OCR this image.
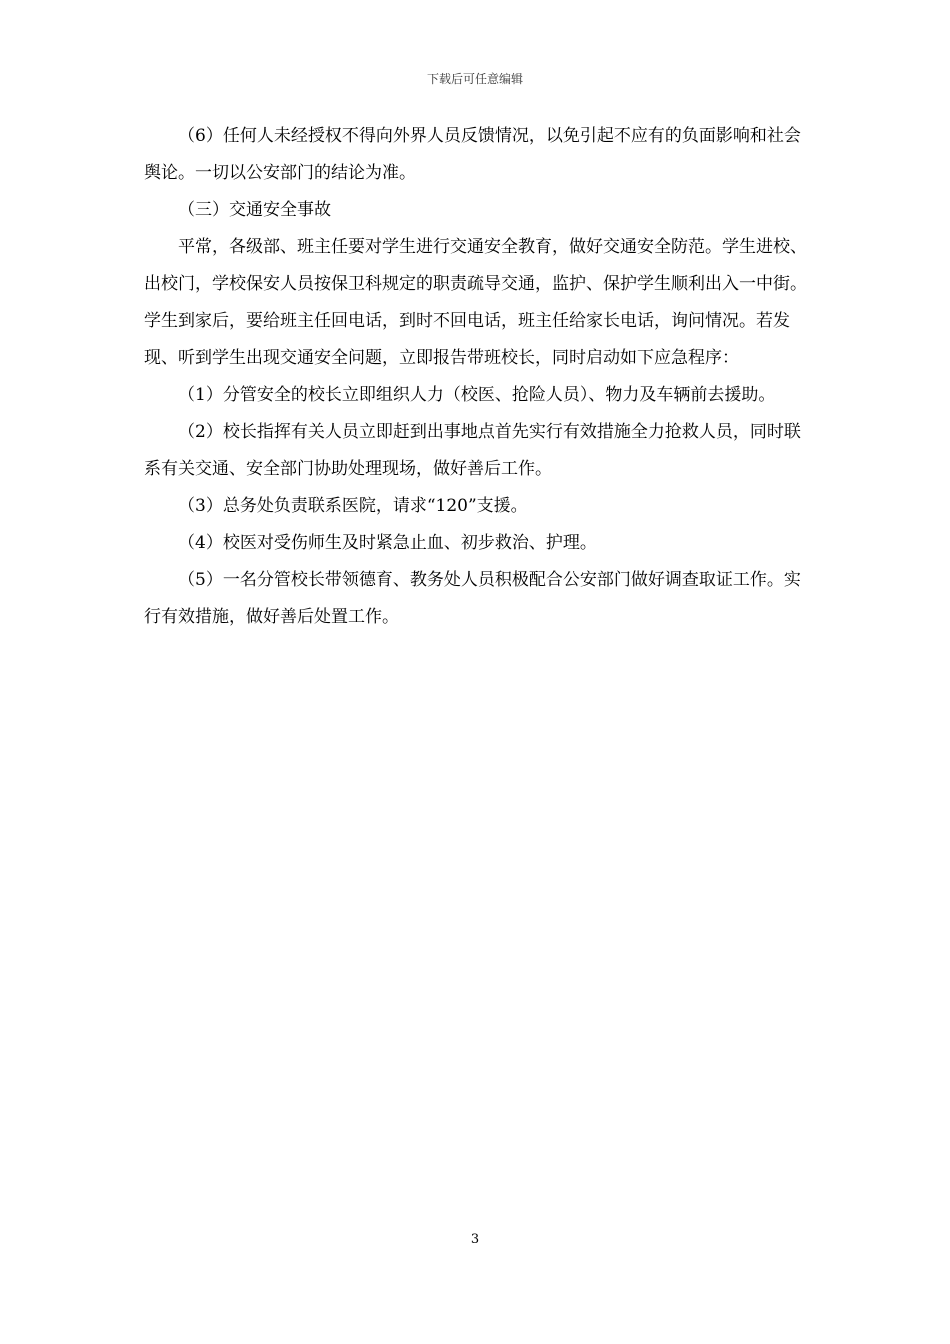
下载后可任意编辑

（6）任何人未经授权不得向外界人员反馈情况，以免引起不应有的负面影响和社会舆论。一切以公安部门的结论为准。

（三）交通安全事故

平常，各级部、班主任要对学生进行交通安全教育，做好交通安全防范。学生进校、出校门，学校保安人员按保卫科规定的职责疏导交通，监护、保护学生顺利出入一中街。学生到家后，要给班主任回电话，到时不回电话，班主任给家长电话，询问情况。若发现、听到学生出现交通安全问题，立即报告带班校长，同时启动如下应急程序：

（1）分管安全的校长立即组织人力（校医、抢险人员）、物力及车辆前去援助。

（2）校长指挥有关人员立即赶到出事地点首先实行有效措施全力抢救人员，同时联系有关交通、安全部门协助处理现场，做好善后工作。

（3）总务处负责联系医院，请求“120”支援。

（4）校医对受伤师生及时紧急止血、初步救治、护理。

（5）一名分管校长带领德育、教务处人员积极配合公安部门做好调查取证工作。实行有效措施，做好善后处置工作。

3
